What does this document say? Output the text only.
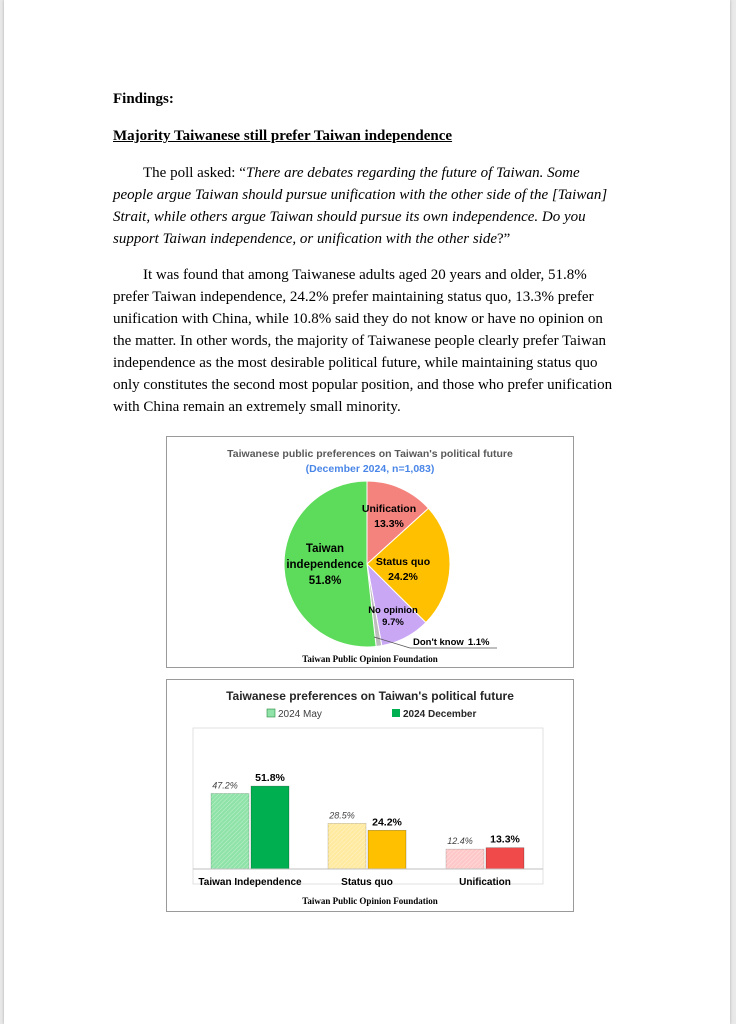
Findings:
Majority Taiwanese still prefer Taiwan independence

The poll asked: “There are debates regarding the future of Taiwan. Some people argue Taiwan should pursue unification with the other side of the [Taiwan] Strait, while others argue Taiwan should pursue its own independence. Do you support Taiwan independence, or unification with the other side?”

It was found that among Taiwanese adults aged 20 years and older, 51.8% prefer Taiwan independence, 24.2% prefer maintaining status quo, 13.3% prefer unification with China, while 10.8% said they do not know or have no opinion on the matter. In other words, the majority of Taiwanese people clearly prefer Taiwan independence as the most desirable political future, while maintaining status quo only constitutes the second most popular position, and those who prefer unification with China remain an extremely small minority.

Taiwanese public preferences on Taiwan's political future
(December 2024, n=1,083)
Unification
13.3%
Status quo
24.2%
No opinion
9.7%
Don't know 1.1%
Taiwan
independence
51.8%
Taiwan Public Opinion Foundation
Taiwanese preferences on Taiwan's political future
2024 May	2024 December
47.2%
51.8%
Taiwan Independence
28.5%
24.2%
Status quo
12.4% 13.3%
Unification
Taiwan Public Opinion Foundation
